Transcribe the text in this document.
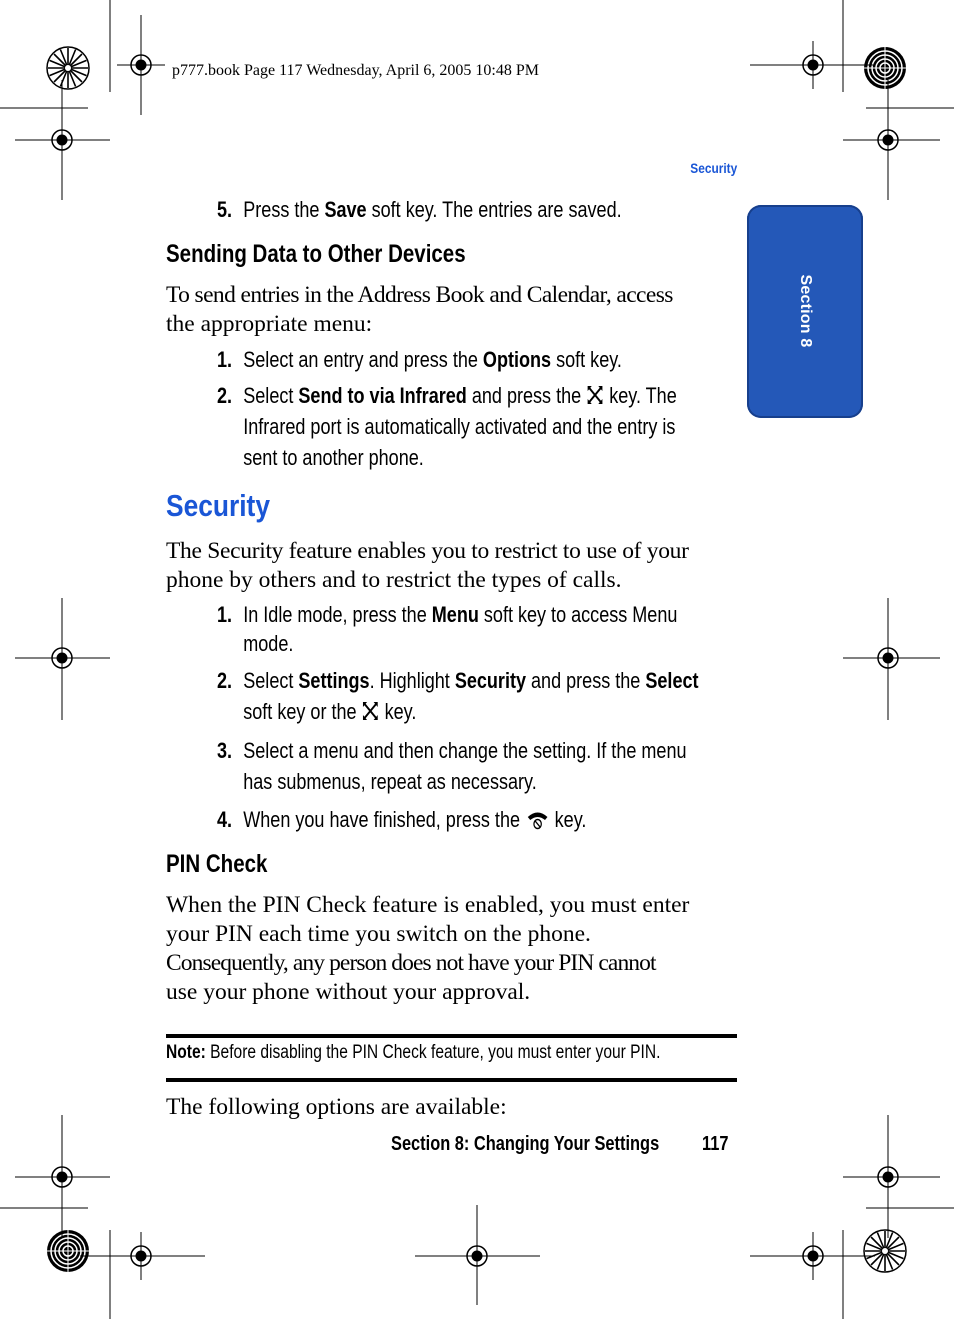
p777.book Page 117 Wednesday, April 6, 2005 10:48 PM
Security
Section 8
5. Press the Save soft key. The entries are saved.
Sending Data to Other Devices
To send entries in the Address Book and Calendar, access
the appropriate menu:
1. Select an entry and press the Options soft key.
2. Select Send to via Infrared and press the  key. The
Infrared port is automatically activated and the entry is
sent to another phone.
Security
The Security feature enables you to restrict to use of your
phone by others and to restrict the types of calls.
1. In Idle mode, press the Menu soft key to access Menu
mode.
2. Select Settings. Highlight Security and press the Select
soft key or the  key.
3. Select a menu and then change the setting. If the menu
has submenus, repeat as necessary.
4. When you have finished, press the  key.
PIN Check
When the PIN Check feature is enabled, you must enter
your PIN each time you switch on the phone.
Consequently, any person does not have your PIN cannot
use your phone without your approval.
Note: Before disabling the PIN Check feature, you must enter your PIN.
The following options are available:
Section 8: Changing Your Settings 117
